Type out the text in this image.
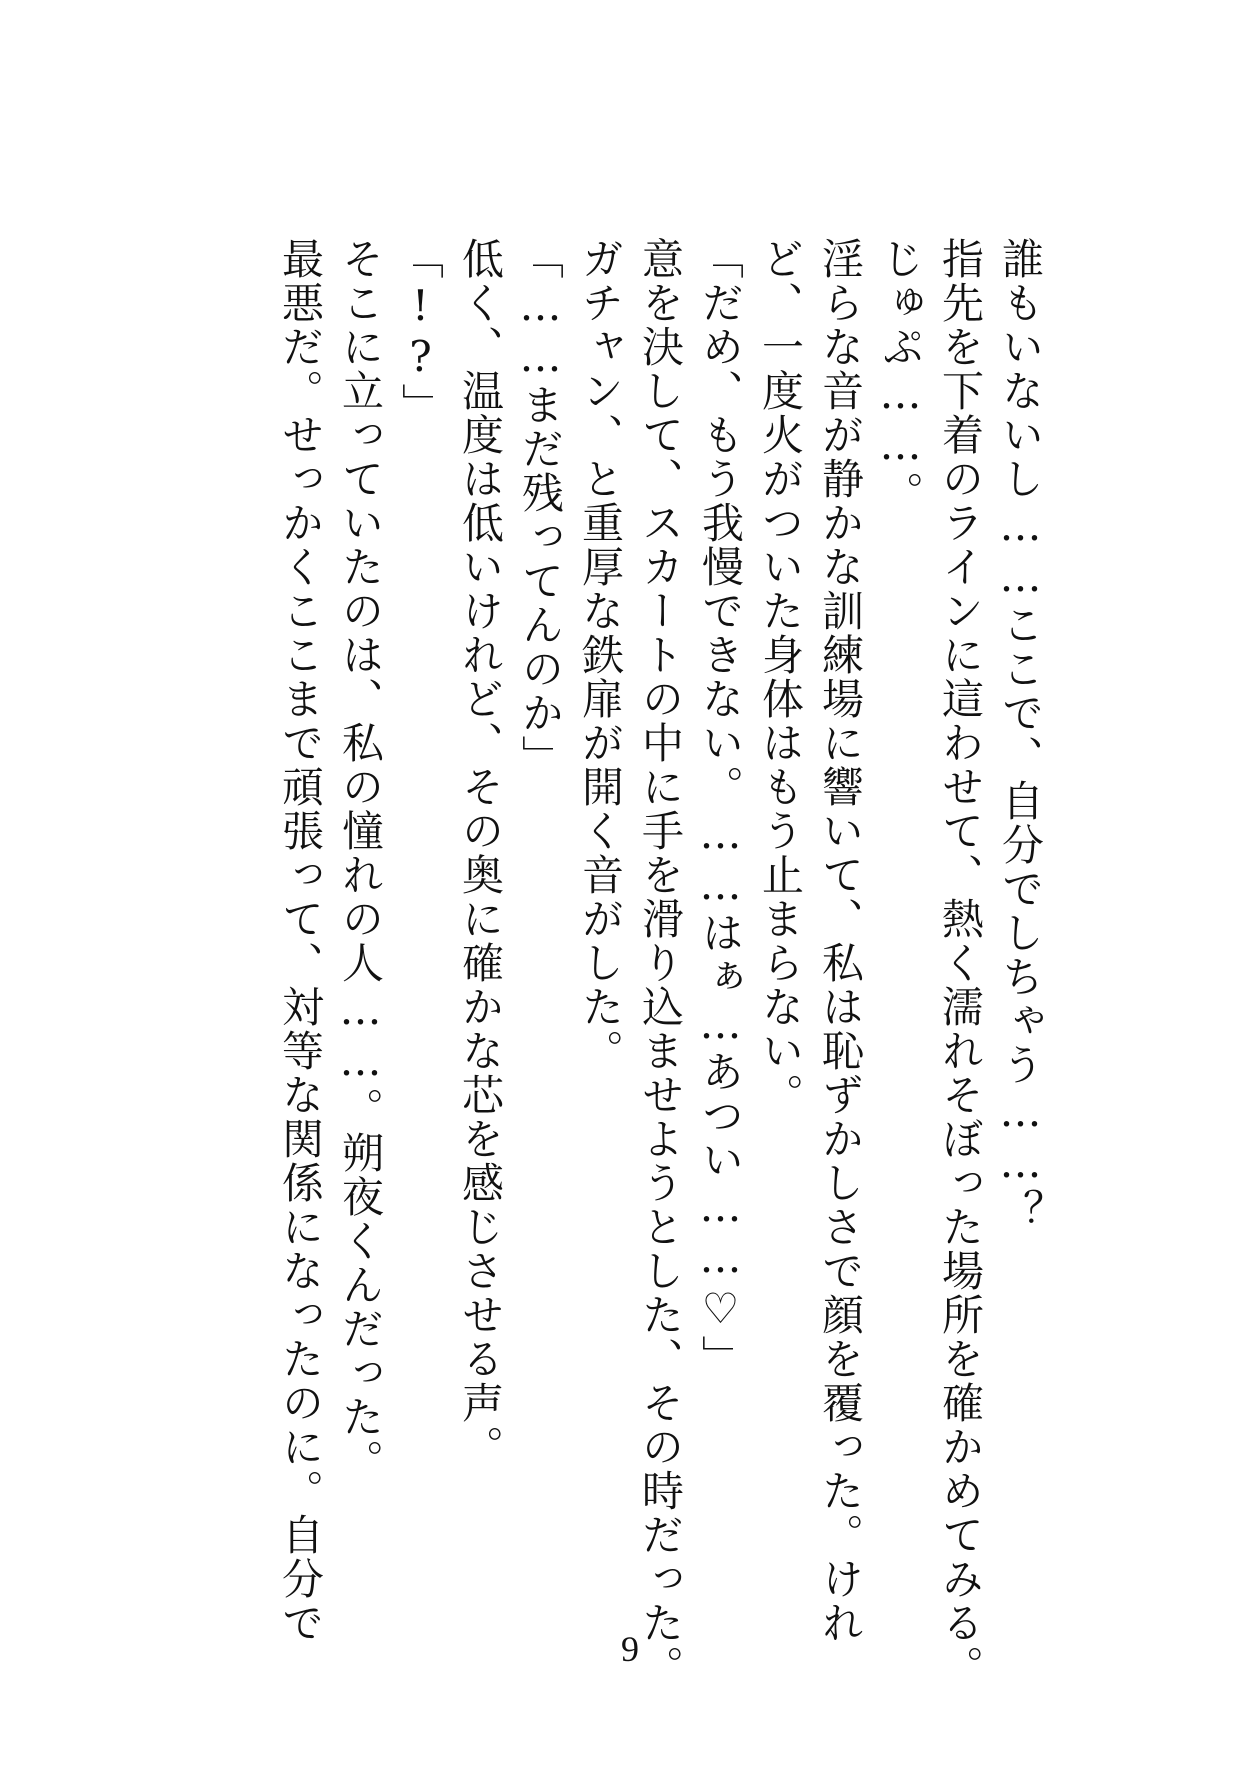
誰もいないし……ここで、自分でしちゃう……？
指先を下着のラインに這わせて、熱く濡れそぼった場所を確かめてみる。
じゅぷ……。
淫らな音が静かな訓練場に響いて、私は恥ずかしさで顔を覆った。けれ
ど、一度火がついた身体はもう止まらない。
「だめ、もう我慢できない。……はぁ…あつい……♡」
意を決して、スカートの中に手を滑り込ませようとした、その時だった。
ガチャン、と重厚な鉄扉が開く音がした。
「……まだ残ってんのか」
低く、温度は低いけれど、その奥に確かな芯を感じさせる声。
「!?」
そこに立っていたのは、私の憧れの人……。朔夜くんだった。
最悪だ。せっかくここまで頑張って、対等な関係になったのに。自分で
9
